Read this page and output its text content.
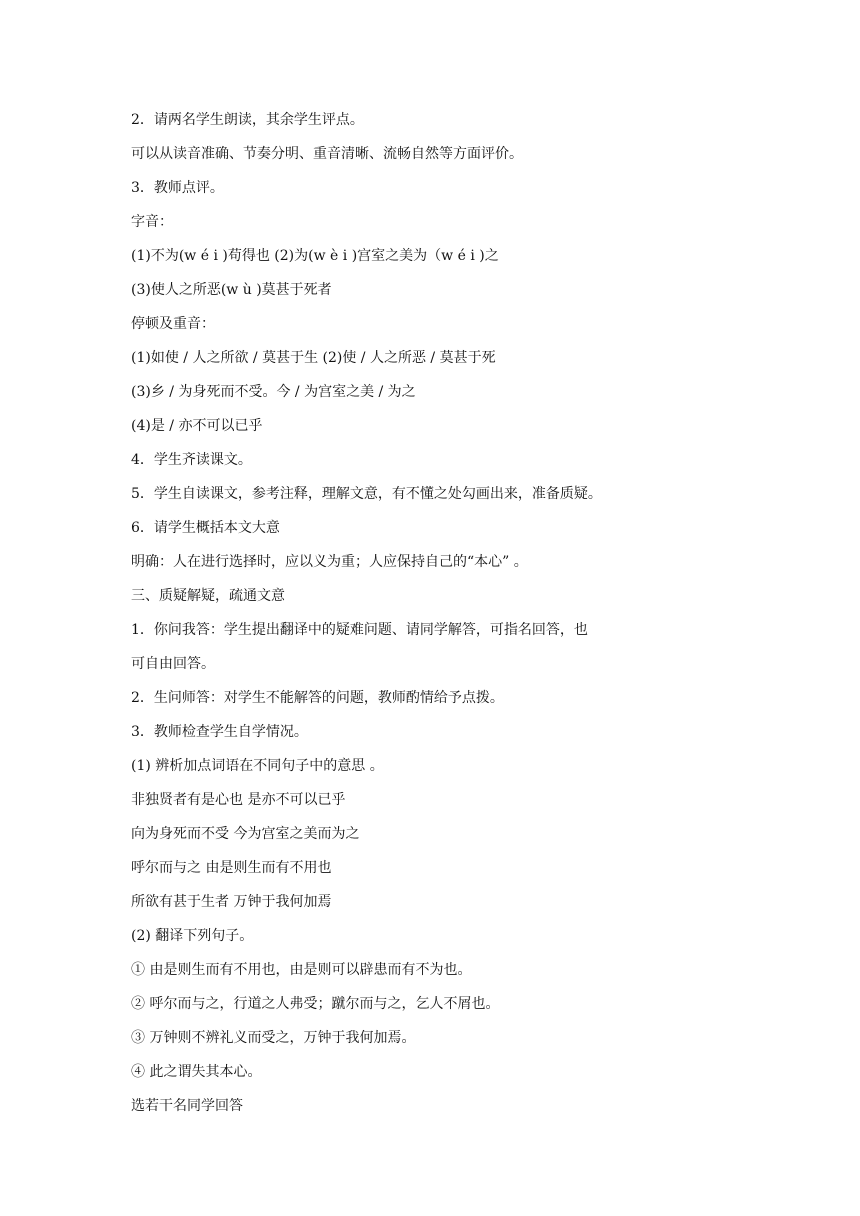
2．请两名学生朗读，其余学生评点。
可以从读音准确、节奏分明、重音清晰、流畅自然等方面评价。
3．教师点评。
字音：
(1)不为(w é i )苟得也 (2)为(w è i )宫室之美为（w é i )之
(3)使人之所恶(w ù )莫甚于死者
停顿及重音：
(1)如使 / 人之所欲 / 莫甚于生 (2)使 / 人之所恶 / 莫甚于死
(3)乡 / 为身死而不受。今 / 为宫室之美 / 为之
(4)是 / 亦不可以已乎
4．学生齐读课文。
5．学生自读课文，参考注释，理解文意，有不懂之处勾画出来，准备质疑。
6．请学生概括本文大意
明确：人在进行选择时，应以义为重；人应保持自己的“本心” 。
三、质疑解疑，疏通文意
1．你问我答：学生提出翻译中的疑难问题、请同学解答，可指名回答，也
可自由回答。
2．生问师答：对学生不能解答的问题，教师酌情给予点拨。
3．教师检查学生自学情况。
(1) 辨析加点词语在不同句子中的意思 。
非独贤者有是心也 是亦不可以已乎
向为身死而不受 今为宫室之美而为之
呼尔而与之 由是则生而有不用也
所欲有甚于生者 万钟于我何加焉
(2) 翻译下列句子。
① 由是则生而有不用也，由是则可以辟患而有不为也。
② 呼尔而与之，行道之人弗受；蹴尔而与之，乞人不屑也。
③ 万钟则不辨礼义而受之，万钟于我何加焉。
④ 此之谓失其本心。
选若干名同学回答
